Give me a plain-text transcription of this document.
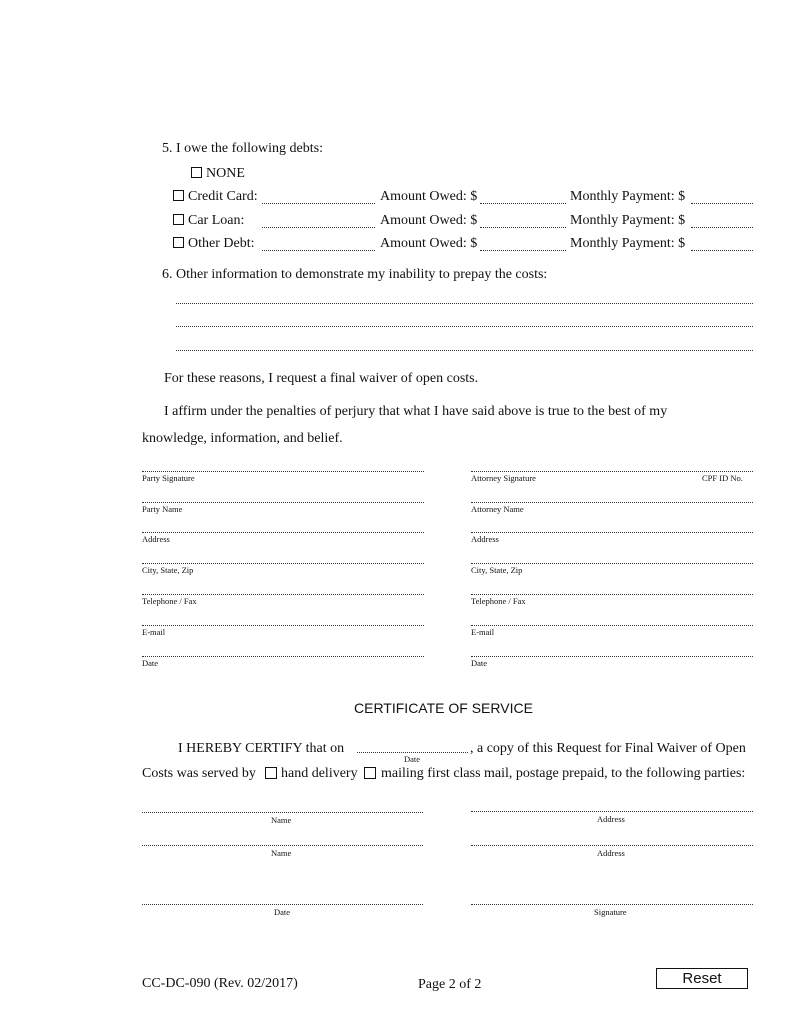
5. I owe the following debts:
NONE
Credit Card:	Amount Owed: $	Monthly Payment: $
Car Loan:	Amount Owed: $	Monthly Payment: $
Other Debt:	Amount Owed: $	Monthly Payment: $
6. Other information to demonstrate my inability to prepay the costs:
For these reasons, I request a final waiver of open costs.
I affirm under the penalties of perjury that what I have said above is true to the best of my
knowledge, information, and belief.
Party Signature
Party Name
Address
City, State, Zip
Telephone / Fax
E-mail
Date
Attorney Signature
Attorney Name
Address
City, State, Zip
Telephone / Fax
E-mail
Date
CPF ID No.
CERTIFICATE OF SERVICE
I HEREBY CERTIFY that on
Date
, a copy of this Request for Final Waiver of Open
Costs was served by hand delivery mailing first class mail, postage prepaid, to the following parties:
Name	Address
Name	Address
Date	Signature
CC-DC-090 (Rev. 02/2017)	Page 2 of 2	Reset
